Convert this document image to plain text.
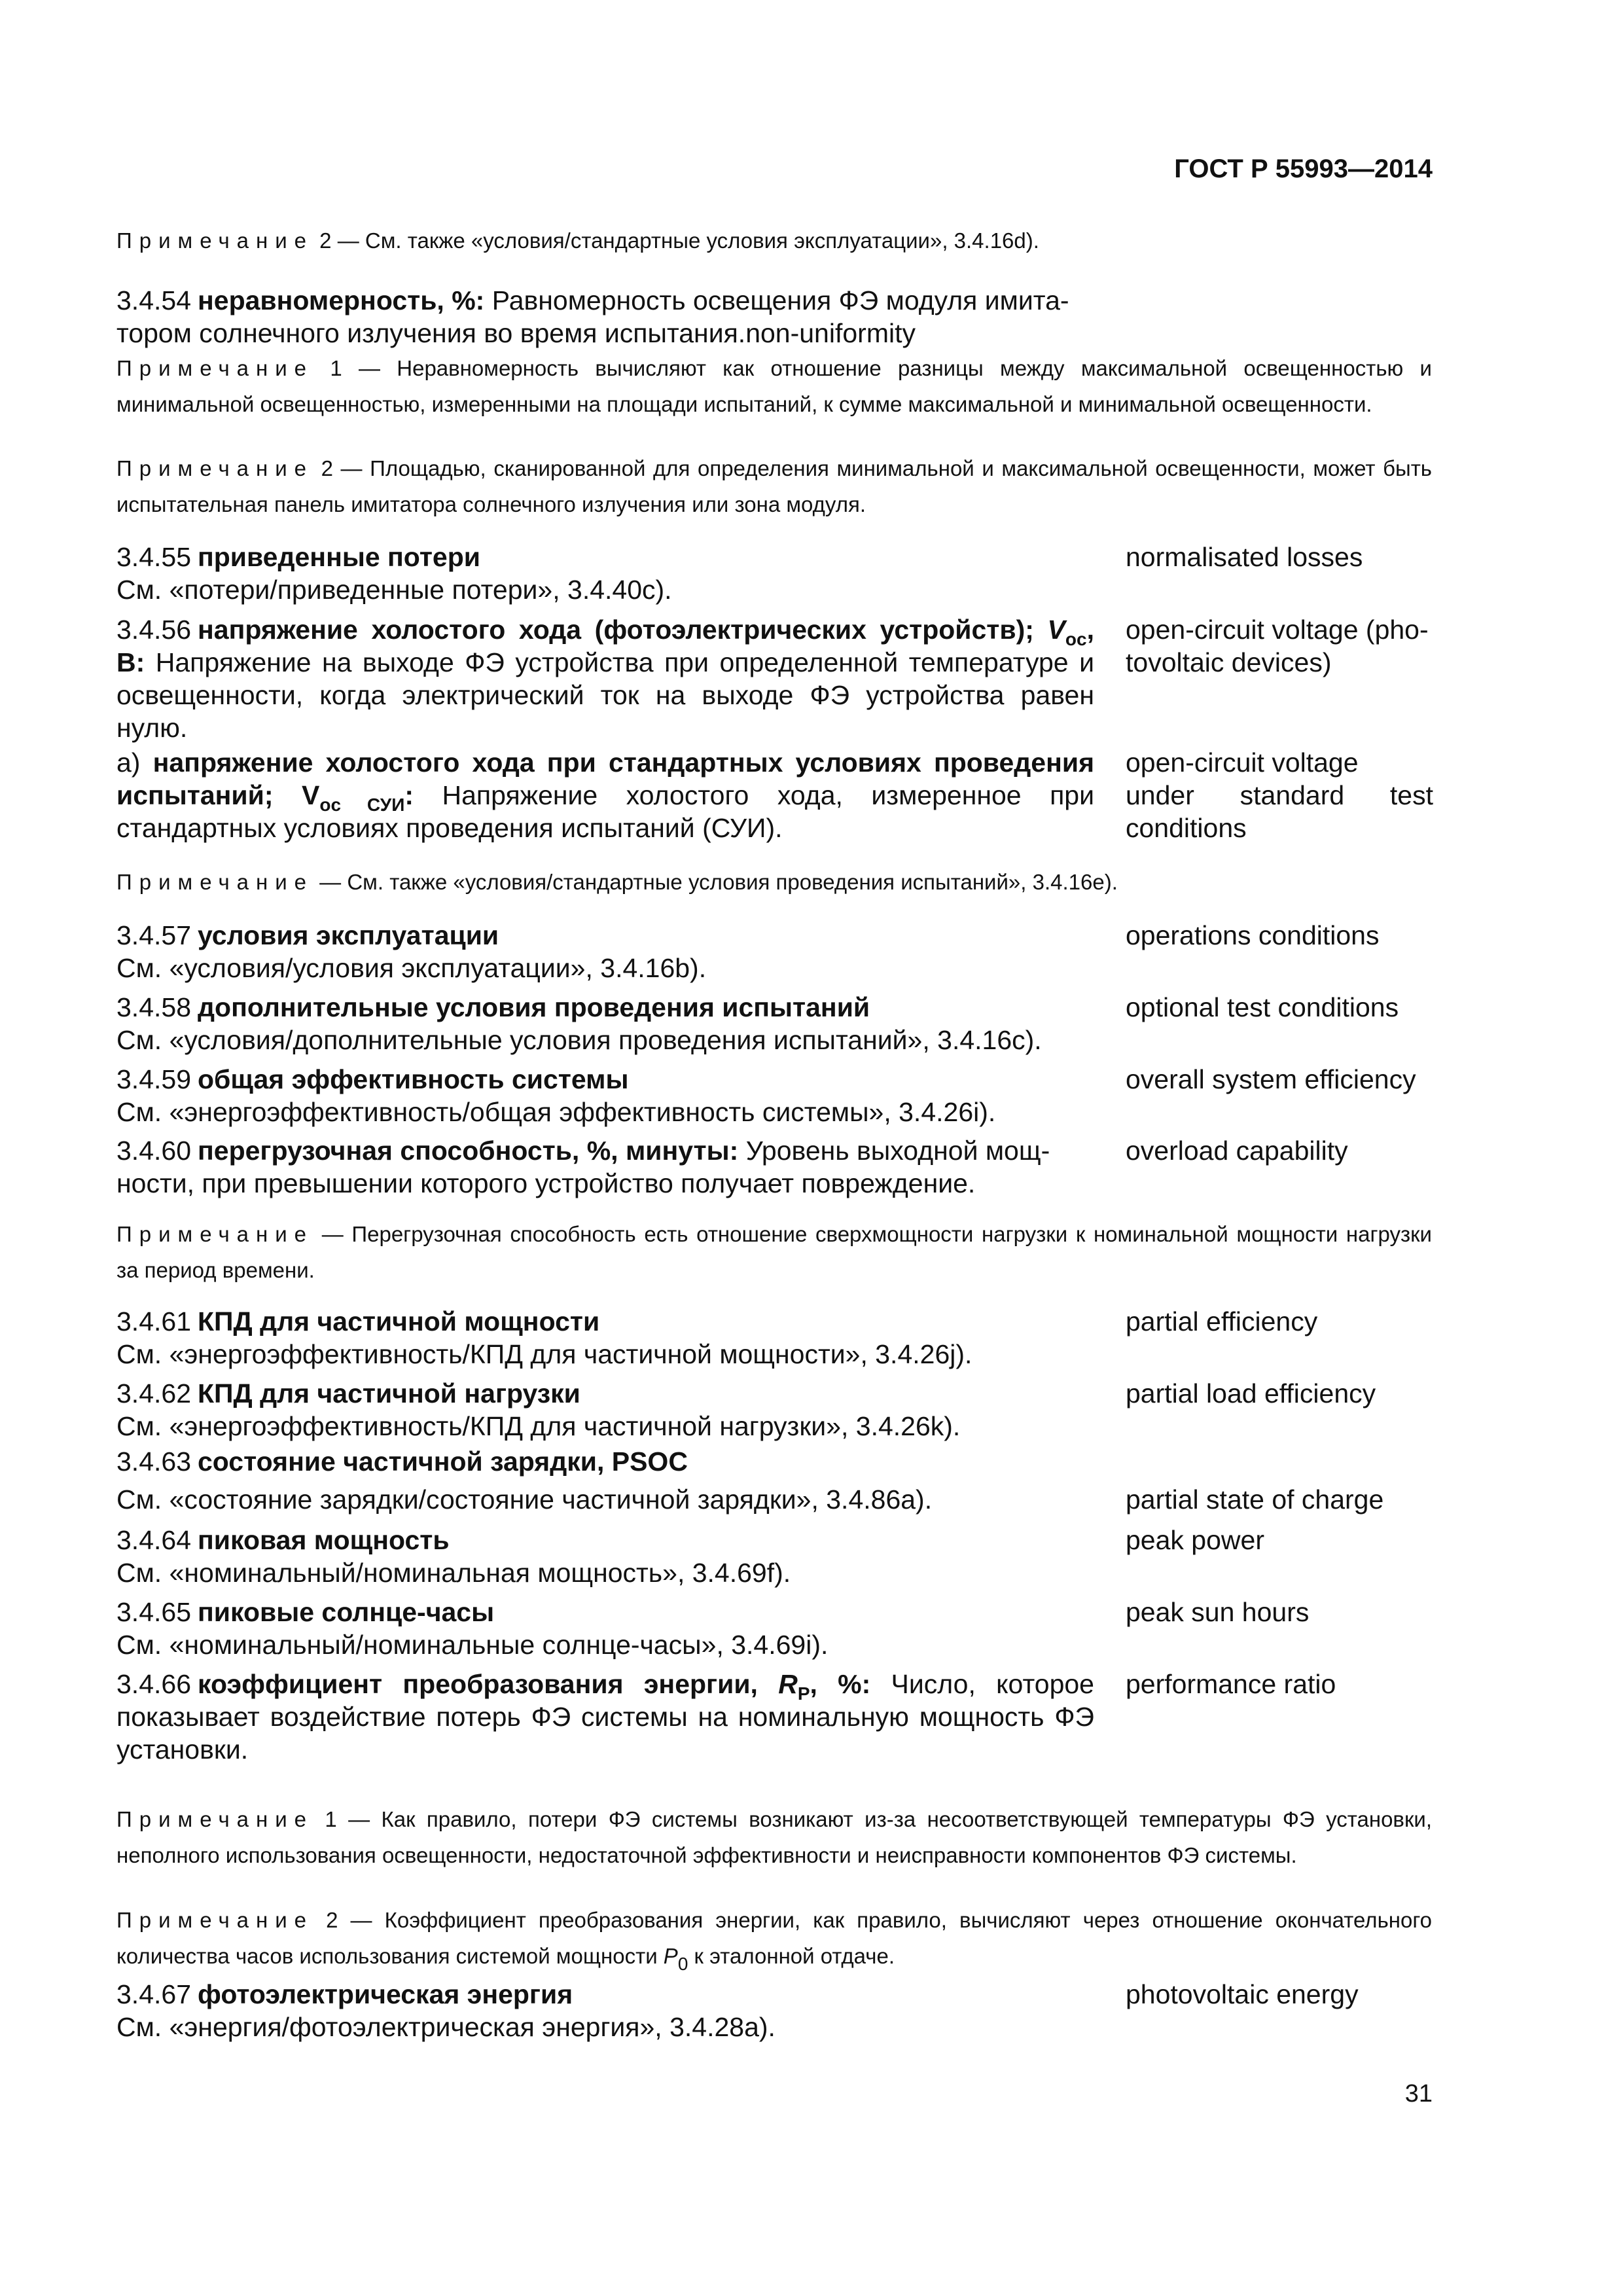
ГОСТ Р 55993—2014
Примечание 2 — См. также «условия/стандартные условия эксплуатации», 3.4.16d).
3.4.54 неравномерность, %: Равномерность освещения ФЭ модуля имита-
тором солнечного излучения во время испытания.non-uniformity
Примечание 1 — Неравномерность вычисляют как отношение разницы между максимальной освещенностью и минимальной освещенностью, измеренными на площади испытаний, к сумме максимальной и минимальной освещенности.
Примечание 2 — Площадью, сканированной для определения минимальной и максимальной освещенности, может быть испытательная панель имитатора солнечного излучения или зона модуля.
3.4.55 приведенные потери
См. «потери/приведенные потери», 3.4.40c).
normalisated losses
3.4.56 напряжение холостого хода (фотоэлектрических устройств); $V_{oc}$, В: Напряжение на выходе ФЭ устройства при определенной температуре и освещенности, когда электрический ток на выходе ФЭ устройства равен нулю.
open-circuit voltage (pho-
tovoltaic devices)
a) напряжение холостого хода при стандартных условиях проведения испытаний; $V_{oc СУИ}$: Напряжение холостого хода, измеренное при стандартных условиях проведения испытаний (СУИ).
open-circuit voltage
under standard test
conditions
Примечание — См. также «условия/стандартные условия проведения испытаний», 3.4.16e).
3.4.57 условия эксплуатации
См. «условия/условия эксплуатации», 3.4.16b).
operations conditions
3.4.58 дополнительные условия проведения испытаний
См. «условия/дополнительные условия проведения испытаний», 3.4.16c).
optional test conditions
3.4.59 общая эффективность системы
См. «энергоэффективность/общая эффективность системы», 3.4.26i).
overall system efficiency
3.4.60 перегрузочная способность, %, минуты: Уровень выходной мощ-
ности, при превышении которого устройство получает повреждение.
overload capability
Примечание — Перегрузочная способность есть отношение сверхмощности нагрузки к номинальной мощности нагрузки за период времени.
3.4.61 КПД для частичной мощности
См. «энергоэффективность/КПД для частичной мощности», 3.4.26j).
partial efficiency
3.4.62 КПД для частичной нагрузки
См. «энергоэффективность/КПД для частичной нагрузки», 3.4.26k).
partial load efficiency
3.4.63 состояние частичной зарядки, PSOC
См. «состояние зарядки/состояние частичной зарядки», 3.4.86a).	partial state of charge
3.4.64 пиковая мощность
См. «номинальный/номинальная мощность», 3.4.69f).
peak power
3.4.65 пиковые солнце-часы
См. «номинальный/номинальные солнце-часы», 3.4.69i).
peak sun hours
3.4.66 коэффициент преобразования энергии, $R_P$, %: Число, которое показывает воздействие потерь ФЭ системы на номинальную мощность ФЭ установки.
performance ratio
Примечание 1 — Как правило, потери ФЭ системы возникают из-за несоответствующей температуры ФЭ установки, неполного использования освещенности, недостаточной эффективности и неисправности компонентов ФЭ системы.
Примечание 2 — Коэффициент преобразования энергии, как правило, вычисляют через отношение окончательного количества часов использования системой мощности $P_0$ к эталонной отдаче.
3.4.67 фотоэлектрическая энергия
См. «энергия/фотоэлектрическая энергия», 3.4.28a).
photovoltaic energy
31
